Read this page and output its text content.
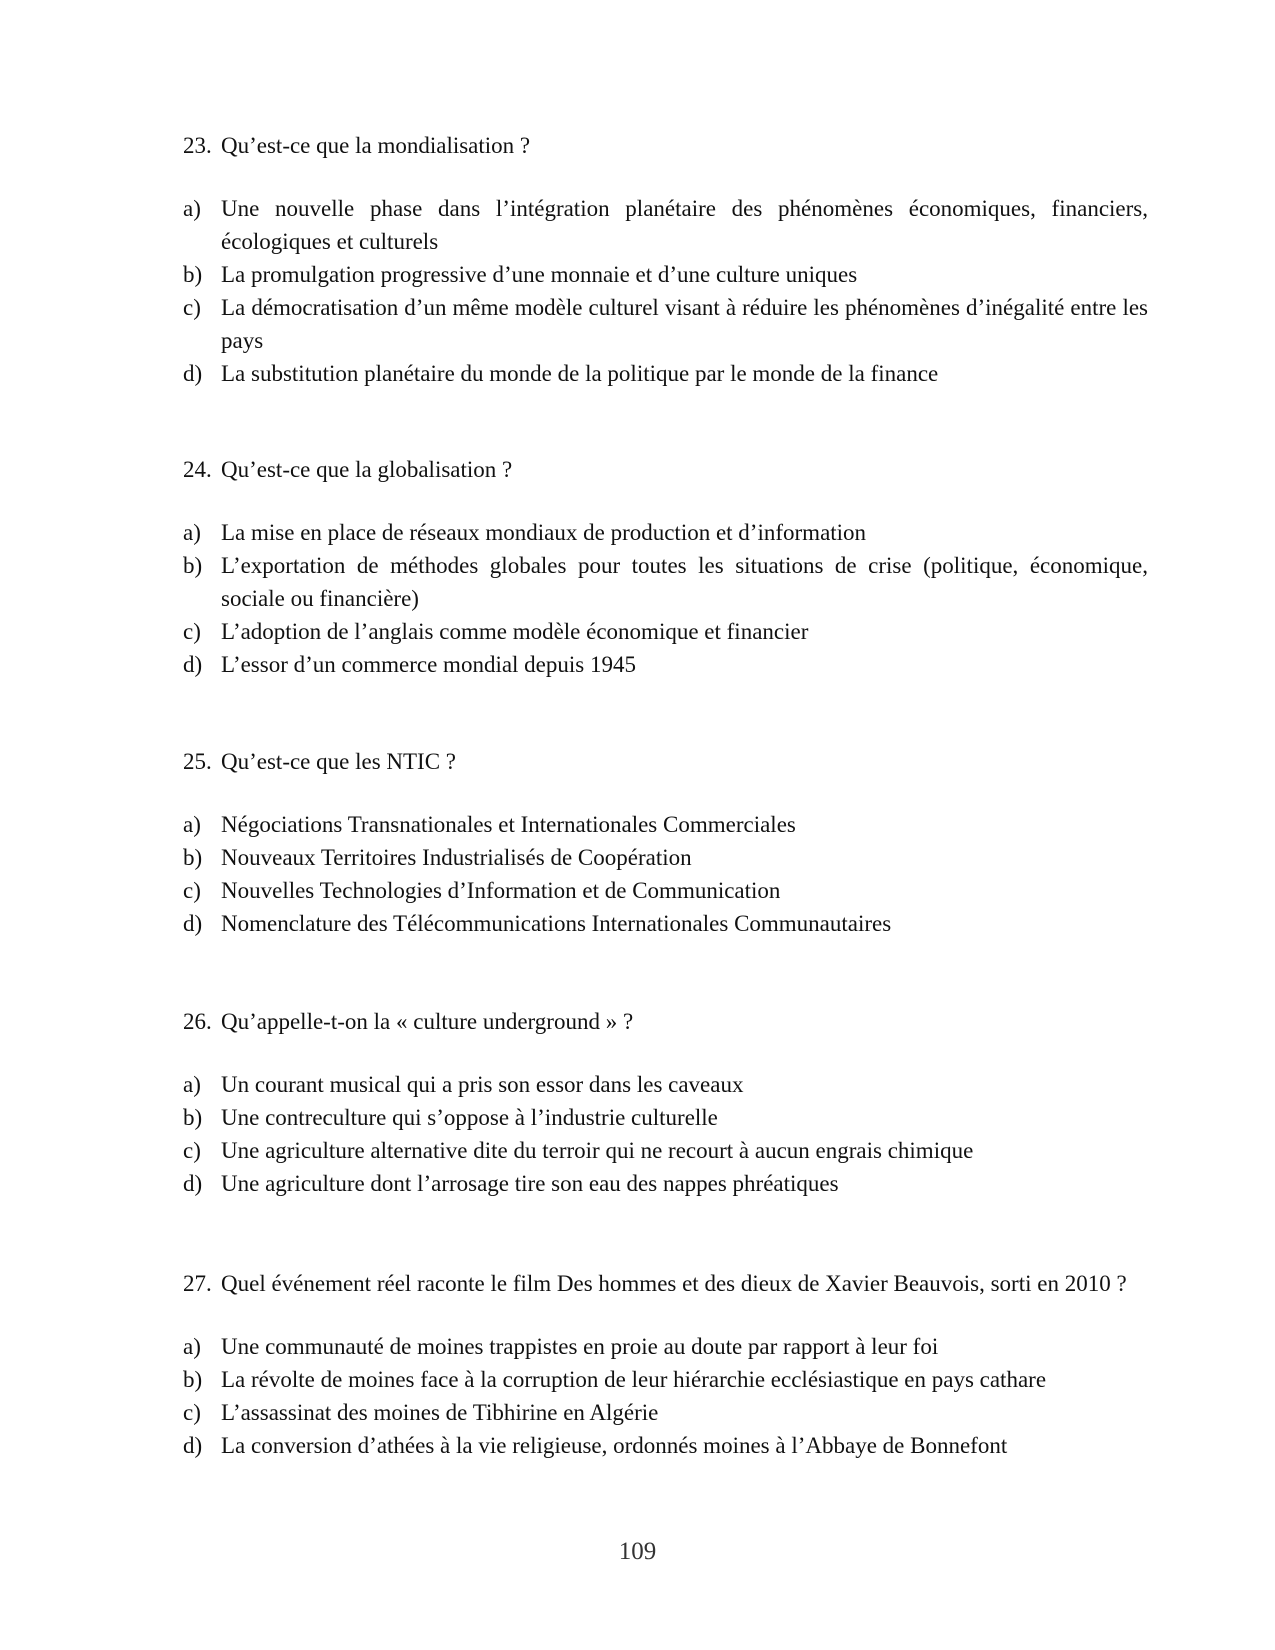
23. Qu’est-ce que la mondialisation ?
a) Une nouvelle phase dans l’intégration planétaire des phénomènes économiques, financiers, écologiques et culturels
b) La promulgation progressive d’une monnaie et d’une culture uniques
c) La démocratisation d’un même modèle culturel visant à réduire les phénomènes d’inégalité entre les pays
d) La substitution planétaire du monde de la politique par le monde de la finance
24. Qu’est-ce que la globalisation ?
a) La mise en place de réseaux mondiaux de production et d’information
b) L’exportation de méthodes globales pour toutes les situations de crise (politique, économique, sociale ou financière)
c) L’adoption de l’anglais comme modèle économique et financier
d) L’essor d’un commerce mondial depuis 1945
25. Qu’est-ce que les NTIC ?
a) Négociations Transnationales et Internationales Commerciales
b) Nouveaux Territoires Industrialisés de Coopération
c) Nouvelles Technologies d’Information et de Communication
d) Nomenclature des Télécommunications Internationales Communautaires
26. Qu’appelle-t-on la « culture underground » ?
a) Un courant musical qui a pris son essor dans les caveaux
b) Une contreculture qui s’oppose à l’industrie culturelle
c) Une agriculture alternative dite du terroir qui ne recourt à aucun engrais chimique
d) Une agriculture dont l’arrosage tire son eau des nappes phréatiques
27. Quel événement réel raconte le film Des hommes et des dieux de Xavier Beauvois, sorti en 2010 ?
a) Une communauté de moines trappistes en proie au doute par rapport à leur foi
b) La révolte de moines face à la corruption de leur hiérarchie ecclésiastique en pays cathare
c) L’assassinat des moines de Tibhirine en Algérie
d) La conversion d’athées à la vie religieuse, ordonnés moines à l’Abbaye de Bonnefont
109
